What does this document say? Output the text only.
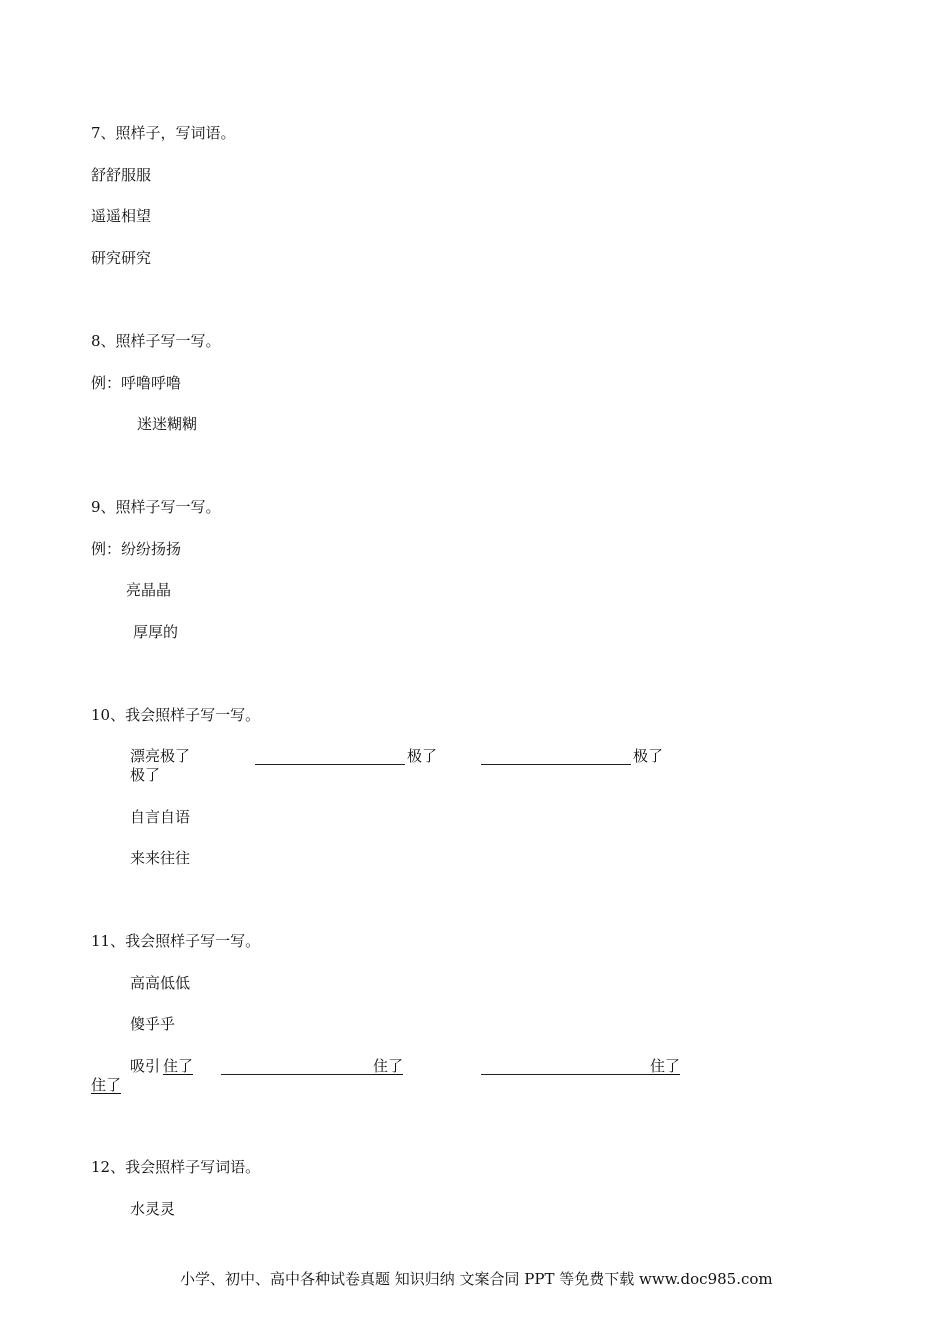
7、照样子，写词语。
舒舒服服
遥遥相望
研究研究
8、照样子写一写。
例：呼噜呼噜
迷迷糊糊
9、照样子写一写。
例：纷纷扬扬
亮晶晶
厚厚的
10、我会照样子写一写。
漂亮极了	极了	极了
极了
自言自语
来来往往
11、我会照样子写一写。
高高低低
傻乎乎
吸引 住了	住了	住了
住了
12、我会照样子写词语。
水灵灵
小学、初中、高中各种试卷真题 知识归纳 文案合同 PPT 等免费下载 www.doc985.com
